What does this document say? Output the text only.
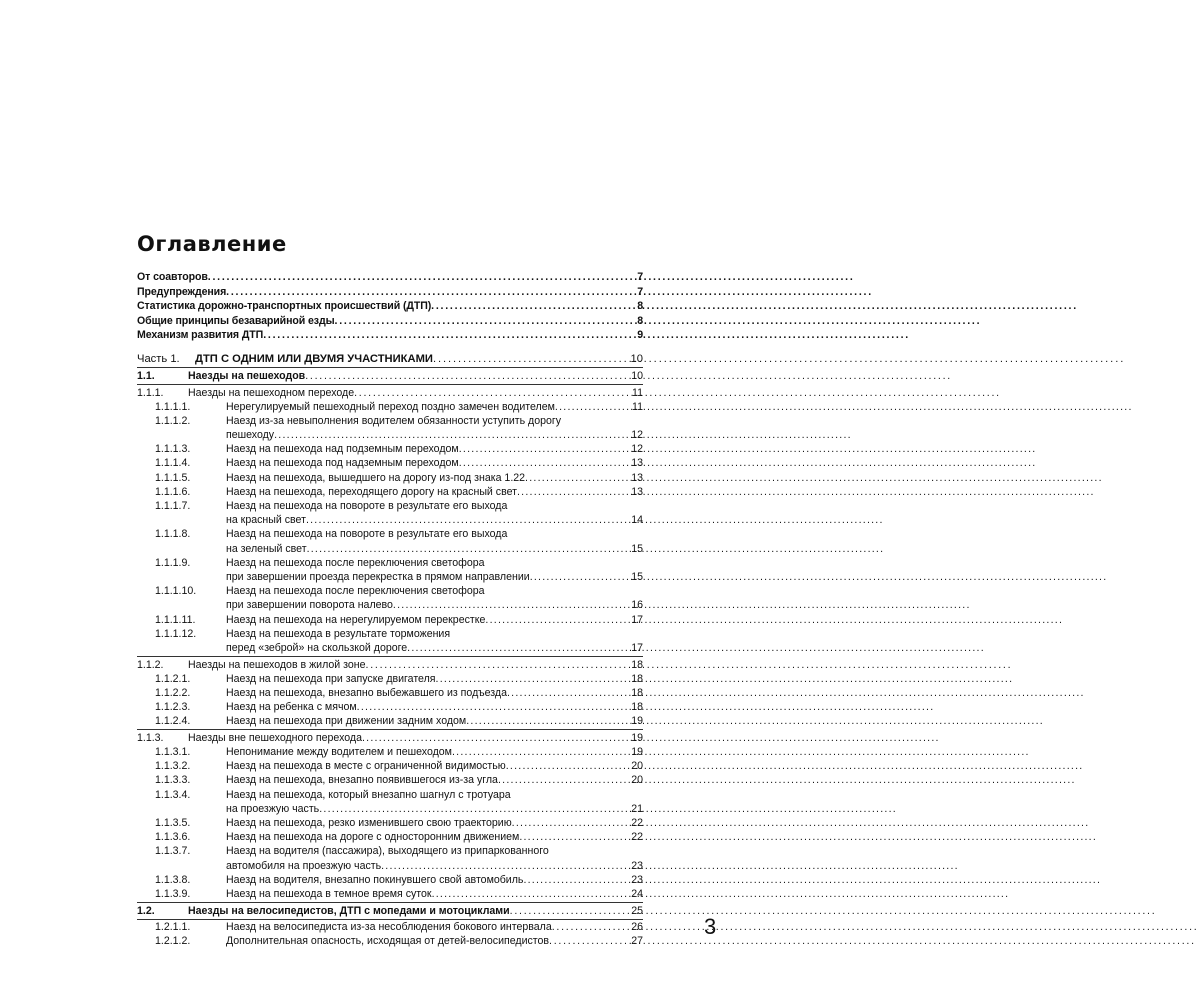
Оглавление
От соавторов . . .	7
Предупреждения . . .	7
Статистика дорожно-транспортных происшествий (ДТП) . . .	8
Общие принципы безаварийной езды . . .	8
Механизм развития ДТП . . .	9
Часть 1.	ДТП С ОДНИМ ИЛИ ДВУМЯ УЧАСТНИКАМИ . . .	10
1.1.	Наезды на пешеходов . . .	10
1.1.1.	Наезды на пешеходном переходе . . .	11
1.1.1.1.	Нерегулируемый пешеходный переход поздно замечен водителем . . .	11
1.1.1.2.	Наезд из-за невыполнения водителем обязанности уступить дорогу
пешеходу . . .	12
1.1.1.3.	Наезд на пешехода над подземным переходом . . .	12
1.1.1.4.	Наезд на пешехода под надземным переходом . . .	13
1.1.1.5.	Наезд на пешехода, вышедшего на дорогу из-под знака 1.22 . . .	13
1.1.1.6.	Наезд на пешехода, переходящего дорогу на красный свет . . .	13
1.1.1.7.	Наезд на пешехода на повороте в результате его выхода
на красный свет . . .	14
1.1.1.8.	Наезд на пешехода на повороте в результате его выхода
на зеленый свет . . .	15
1.1.1.9.	Наезд на пешехода после переключения светофора
при завершении проезда перекрестка в прямом направлении . . .	15
1.1.1.10.	Наезд на пешехода после переключения светофора
при завершении поворота налево . . .	16
1.1.1.11.	Наезд на пешехода на нерегулируемом перекрестке . . .	17
1.1.1.12.	Наезд на пешехода в результате торможения
перед «зеброй» на скользкой дороге . . .	17
1.1.2.	Наезды на пешеходов в жилой зоне . . .	18
1.1.2.1.	Наезд на пешехода при запуске двигателя . . .	18
1.1.2.2.	Наезд на пешехода, внезапно выбежавшего из подъезда . . .	18
1.1.2.3.	Наезд на ребенка с мячом . . .	18
1.1.2.4.	Наезд на пешехода при движении задним ходом . . .	19
1.1.3.	Наезды вне пешеходного перехода . . .	19
1.1.3.1.	Непонимание между водителем и пешеходом . . .	19
1.1.3.2.	Наезд на пешехода в месте с ограниченной видимостью . . .	20
1.1.3.3.	Наезд на пешехода, внезапно появившегося из-за угла . . .	20
1.1.3.4.	Наезд на пешехода, который внезапно шагнул с тротуара
на проезжую часть . . .	21
1.1.3.5.	Наезд на пешехода, резко изменившего свою траекторию . . .	22
1.1.3.6.	Наезд на пешехода на дороге с односторонним движением . . .	22
1.1.3.7.	Наезд на водителя (пассажира), выходящего из припаркованного
автомобиля на проезжую часть . . .	23
1.1.3.8.	Наезд на водителя, внезапно покинувшего свой автомобиль . . .	23
1.1.3.9.	Наезд на пешехода в темное время суток . . .	24
1.2.	Наезды на велосипедистов, ДТП с мопедами и мотоциклами . . .	25
1.2.1.1.	Наезд на велосипедиста из-за несоблюдения бокового интервала . . .	26
1.2.1.2.	Дополнительная опасность, исходящая от детей-велосипедистов . . .	27
3
